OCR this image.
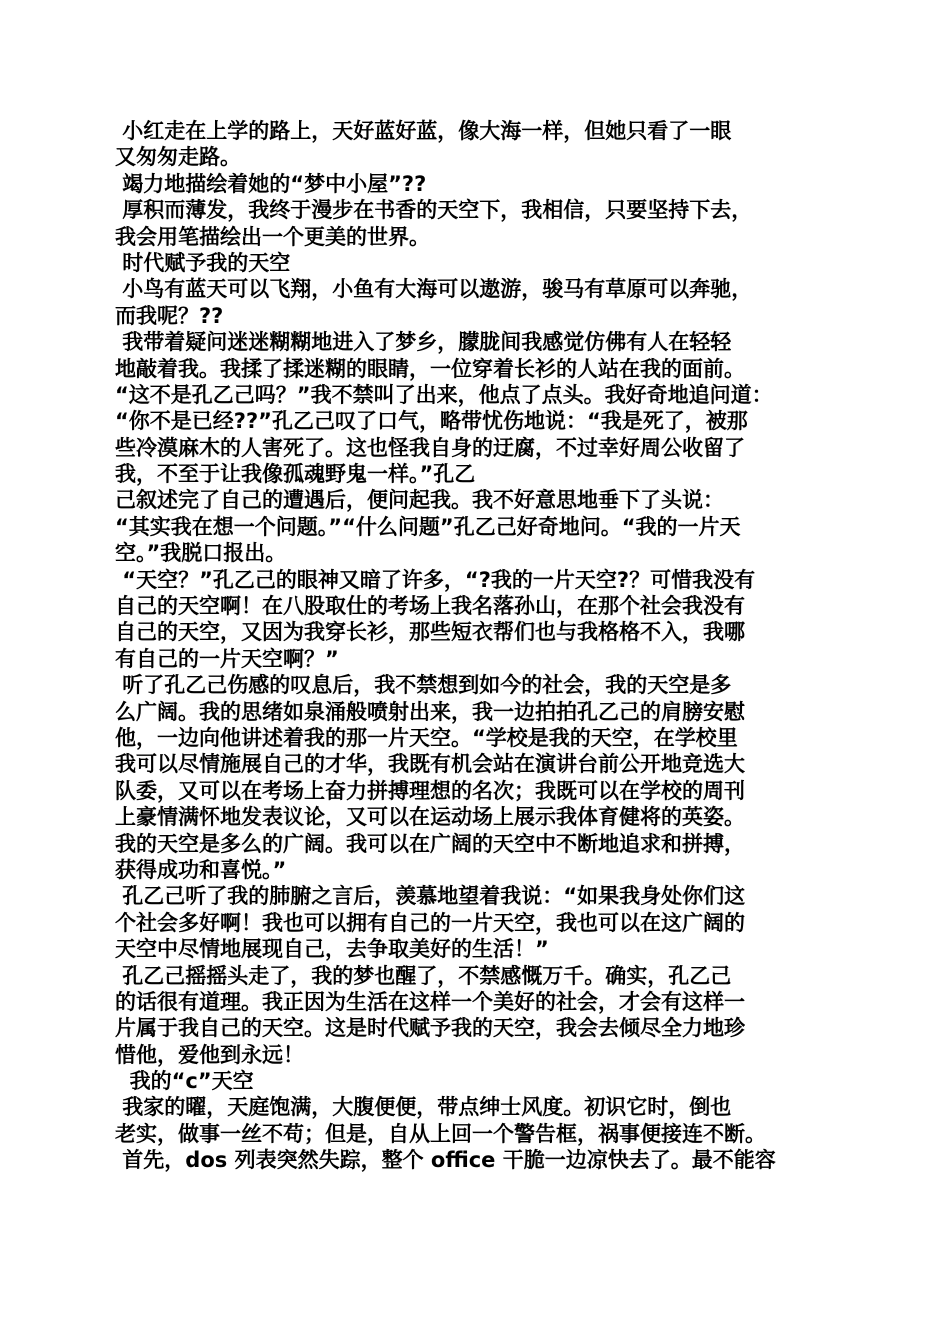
小红走在上学的路上，天好蓝好蓝，像大海一样，但她只看了一眼
又匆匆走路。
竭力地描绘着她的“梦中小屋”??
厚积而薄发，我终于漫步在书香的天空下，我相信，只要坚持下去，
我会用笔描绘出一个更美的世界。
时代赋予我的天空
小鸟有蓝天可以飞翔，小鱼有大海可以遨游，骏马有草原可以奔驰，
而我呢？??
我带着疑问迷迷糊糊地进入了梦乡，朦胧间我感觉仿佛有人在轻轻
地敲着我。我揉了揉迷糊的眼睛，一位穿着长衫的人站在我的面前。
“这不是孔乙己吗？”我不禁叫了出来，他点了点头。我好奇地追问道：
“你不是已经??”孔乙己叹了口气，略带忧伤地说：“我是死了，被那
些冷漠麻木的人害死了。这也怪我自身的迂腐，不过幸好周公收留了
我，不至于让我像孤魂野鬼一样。”孔乙
己叙述完了自己的遭遇后，便问起我。我不好意思地垂下了头说：
“其实我在想一个问题。”“什么问题”孔乙己好奇地问。“我的一片天
空。”我脱口报出。
“天空？”孔乙己的眼神又暗了许多，“?我的一片天空?？可惜我没有
自己的天空啊！在八股取仕的考场上我名落孙山，在那个社会我没有
自己的天空，又因为我穿长衫，那些短衣帮们也与我格格不入，我哪
有自己的一片天空啊？”
听了孔乙己伤感的叹息后，我不禁想到如今的社会，我的天空是多
么广阔。我的思绪如泉涌般喷射出来，我一边拍拍孔乙己的肩膀安慰
他，一边向他讲述着我的那一片天空。“学校是我的天空，在学校里
我可以尽情施展自己的才华，我既有机会站在演讲台前公开地竞选大
队委，又可以在考场上奋力拼搏理想的名次；我既可以在学校的周刊
上豪情满怀地发表议论，又可以在运动场上展示我体育健将的英姿。
我的天空是多么的广阔。我可以在广阔的天空中不断地追求和拼搏，
获得成功和喜悦。”
孔乙己听了我的肺腑之言后，羡慕地望着我说：“如果我身处你们这
个社会多好啊！我也可以拥有自己的一片天空，我也可以在这广阔的
天空中尽情地展现自己，去争取美好的生活！”
孔乙己摇摇头走了，我的梦也醒了，不禁感慨万千。确实，孔乙己
的话很有道理。我正因为生活在这样一个美好的社会，才会有这样一
片属于我自己的天空。这是时代赋予我的天空，我会去倾尽全力地珍
惜他，爱他到永远！
我的“c”天空
我家的曜，天庭饱满，大腹便便，带点绅士风度。初识它时，倒也
老实，做事一丝不苟；但是，自从上回一个警告框，祸事便接连不断。
首先，dos 列表突然失踪，整个 office 干脆一边凉快去了。最不能容
